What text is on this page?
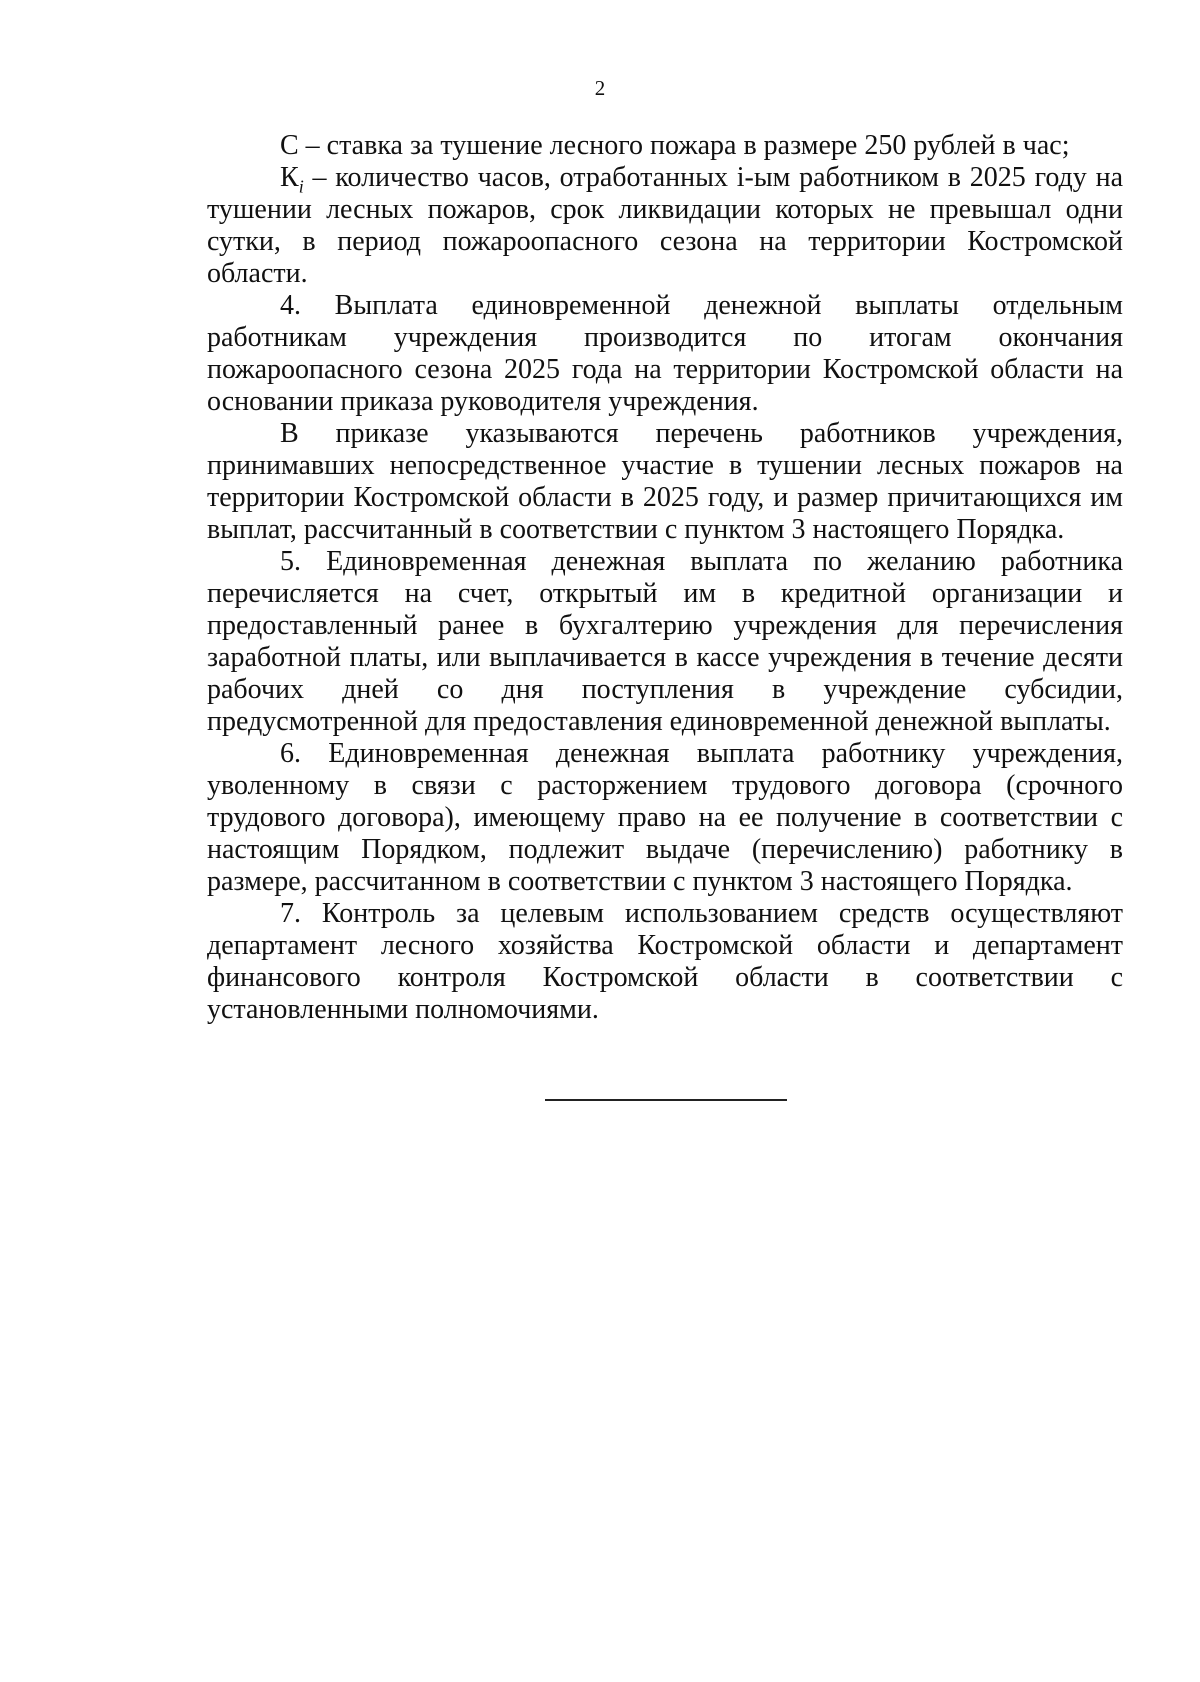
2

С – ставка за тушение лесного пожара в размере 250 рублей в час;

$К_i$ – количество часов, отработанных i-ым работником в 2025 году на тушении лесных пожаров, срок ликвидации которых не превышал одни сутки, в период пожароопасного сезона на территории Костромской области.

4. Выплата единовременной денежной выплаты отдельным работникам учреждения производится по итогам окончания пожароопасного сезона 2025 года на территории Костромской области на основании приказа руководителя учреждения.

В приказе указываются перечень работников учреждения, принимавших непосредственное участие в тушении лесных пожаров на территории Костромской области в 2025 году, и размер причитающихся им выплат, рассчитанный в соответствии с пунктом 3 настоящего Порядка.

5. Единовременная денежная выплата по желанию работника перечисляется на счет, открытый им в кредитной организации и предоставленный ранее в бухгалтерию учреждения для перечисления заработной платы, или выплачивается в кассе учреждения в течение десяти рабочих дней со дня поступления в учреждение субсидии, предусмотренной для предоставления единовременной денежной выплаты.

6. Единовременная денежная выплата работнику учреждения, уволенному в связи с расторжением трудового договора (срочного трудового договора), имеющему право на ее получение в соответствии с настоящим Порядком, подлежит выдаче (перечислению) работнику в размере, рассчитанном в соответствии с пунктом 3 настоящего Порядка.

7. Контроль за целевым использованием средств осуществляют департамент лесного хозяйства Костромской области и департамент финансового контроля Костромской области в соответствии с установленными полномочиями.
